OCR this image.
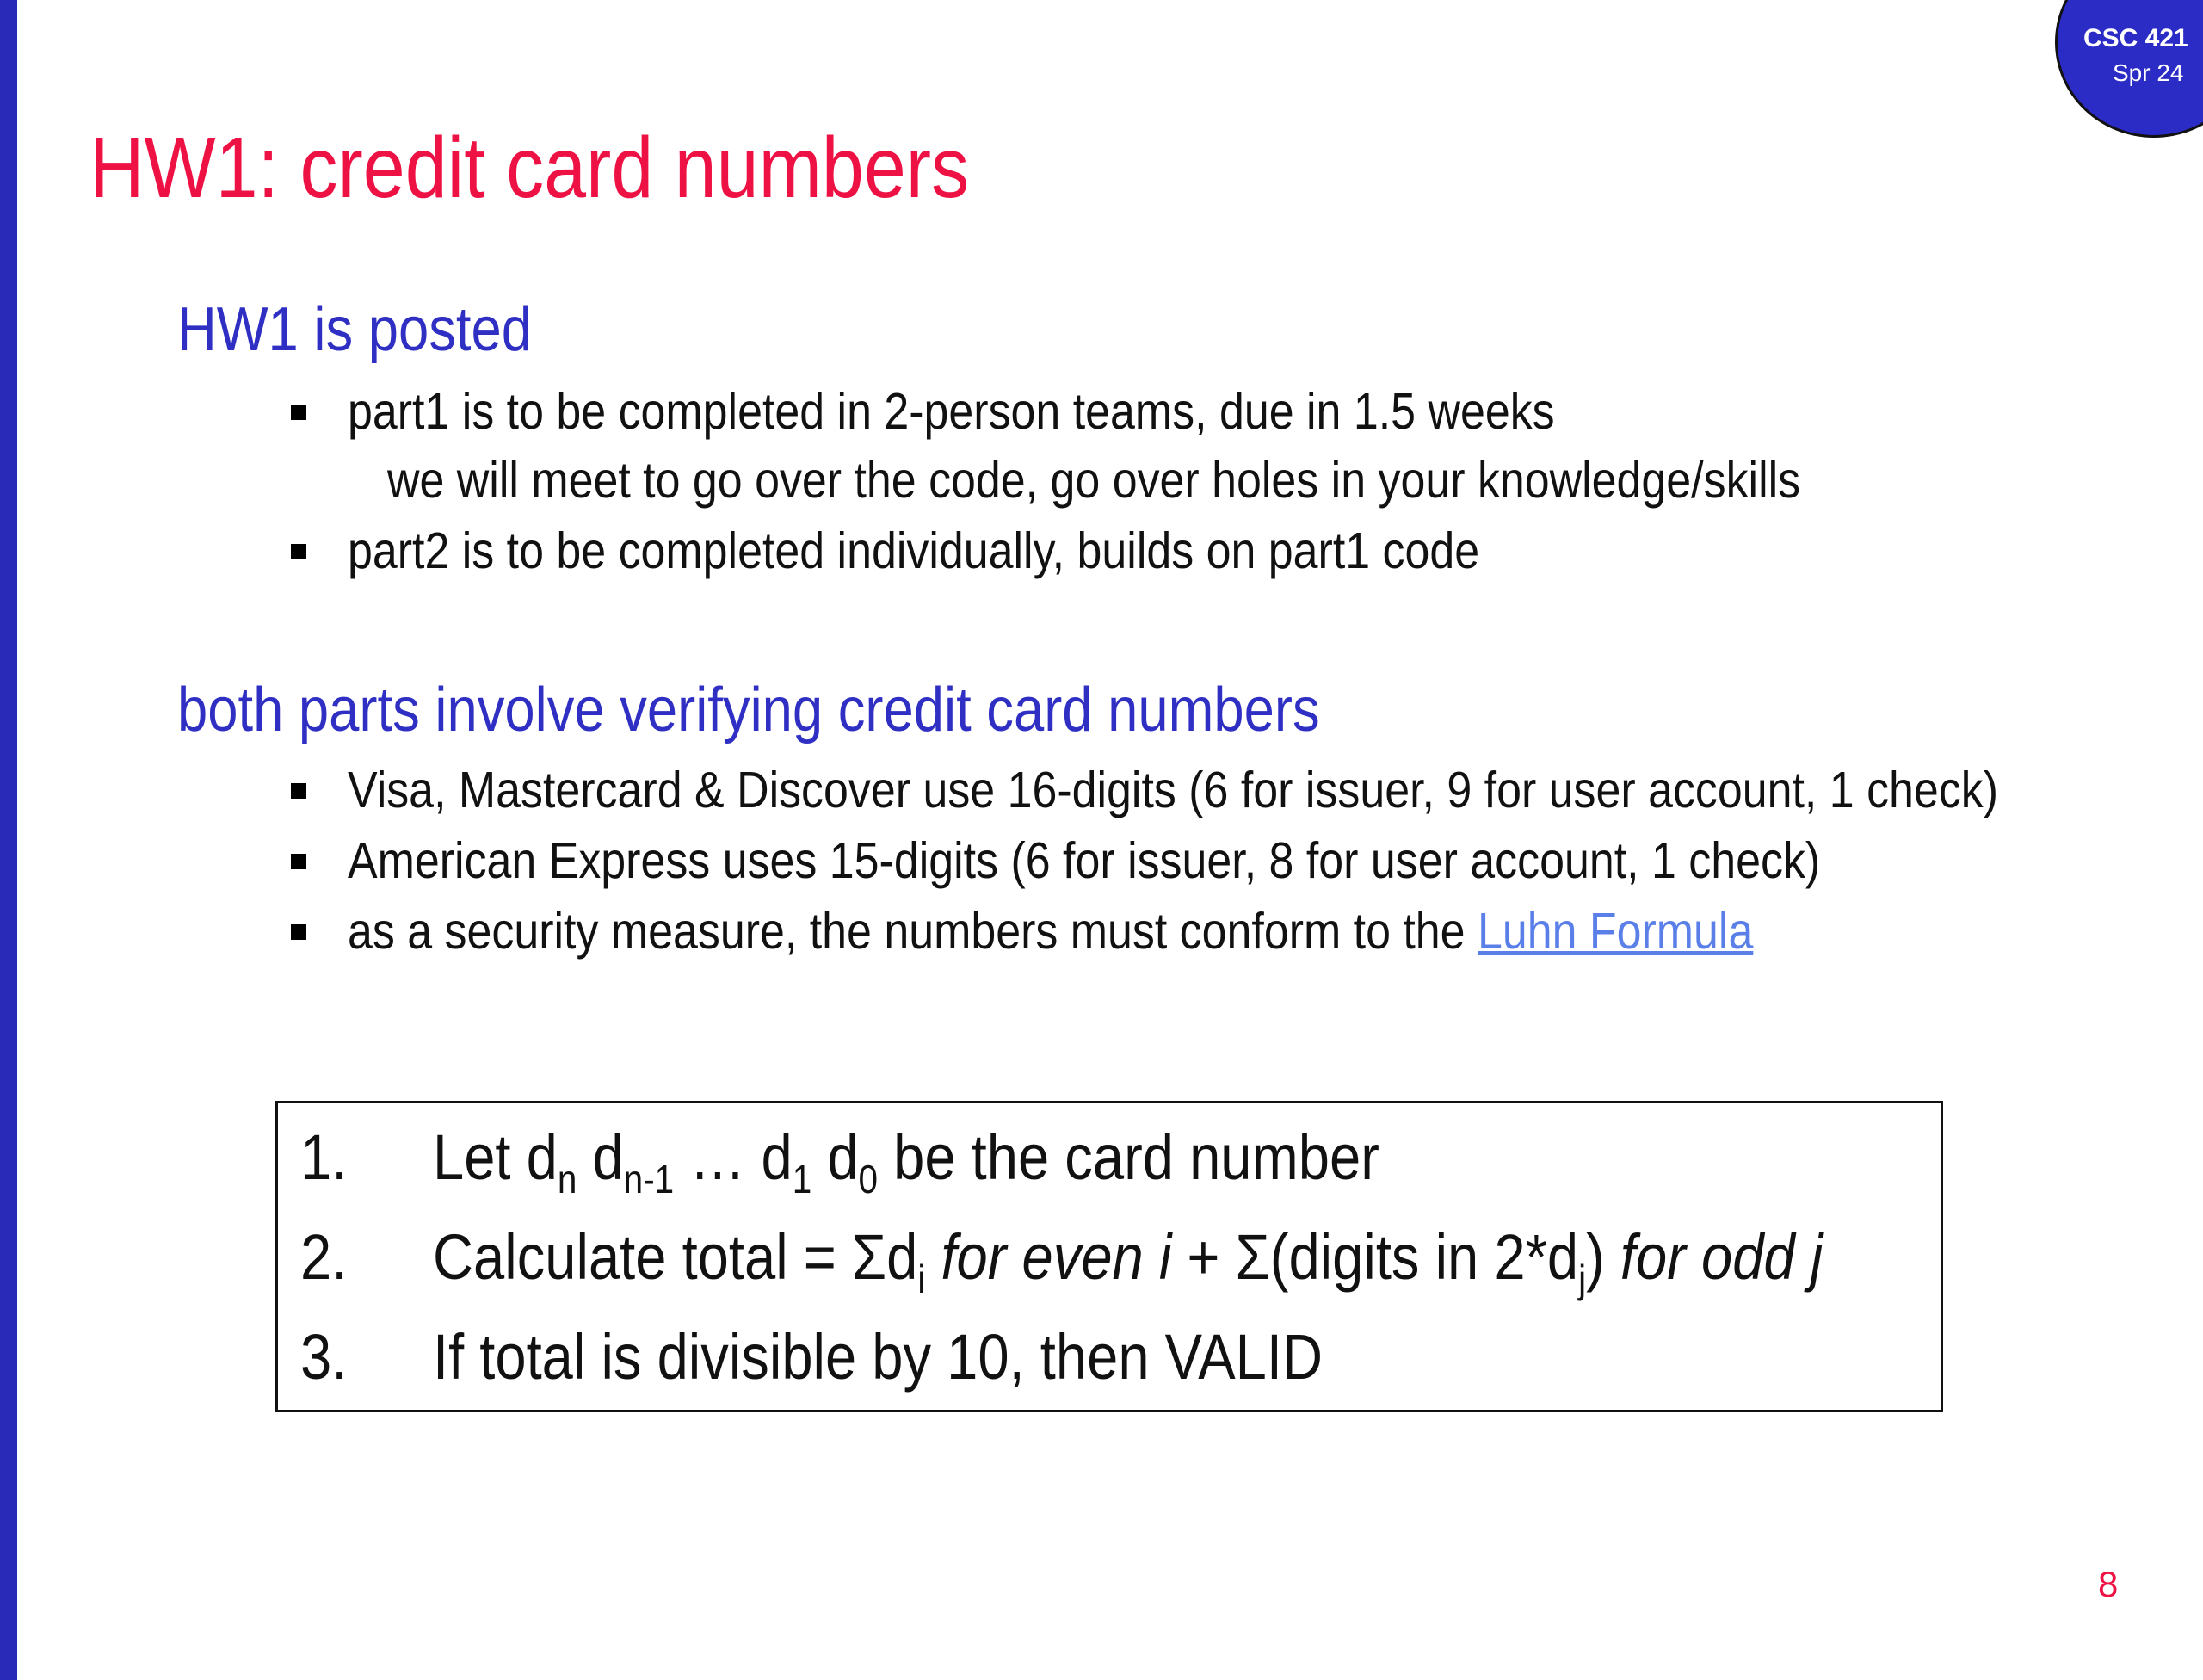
CSC 421
Spr 24
HW1: credit card numbers
HW1 is posted
part1 is to be completed in 2-person teams, due in 1.5 weeks
we will meet to go over the code, go over holes in your knowledge/skills
part2 is to be completed individually, builds on part1 code
both parts involve verifying credit card numbers
Visa, Mastercard & Discover use 16-digits (6 for issuer, 9 for user account, 1 check)
American Express uses 15-digits (6 for issuer, 8 for user account, 1 check)
as a security measure, the numbers must conform to the Luhn Formula
1. Let $d_n$ $d_{n-1}$ … $d_1$ $d_0$ be the card number
2. Calculate total = $\Sigma d_i$ for even i + Σ(digits in $2*d_j$) for odd j
3. If total is divisible by 10, then VALID
8
